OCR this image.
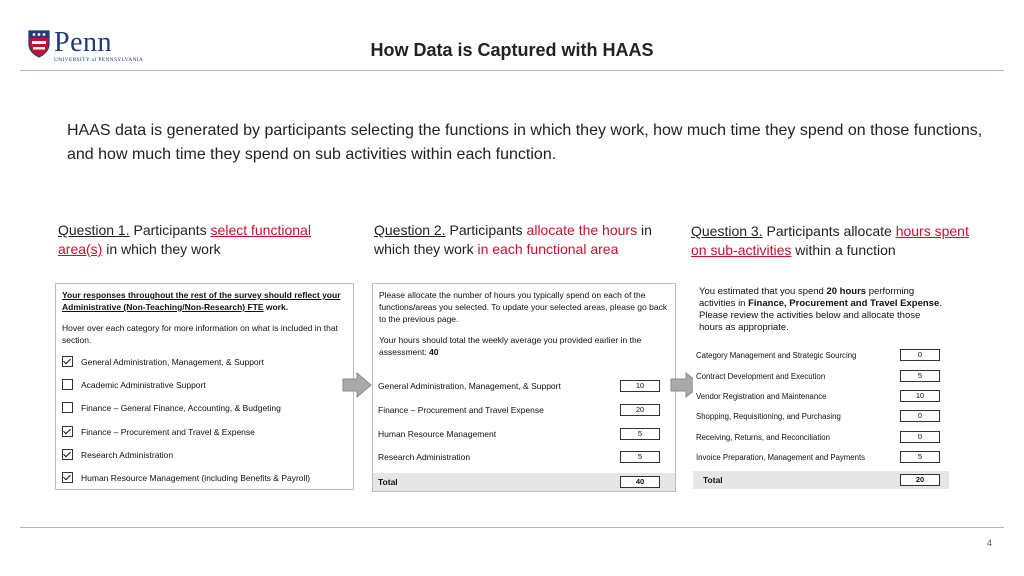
Penn
UNIVERSITY of PENNSYLVANIA	How Data is Captured with HAAS
HAAS data is generated by participants selecting the functions in which they work, how much time they spend on those functions, and how much time they spend on sub activities within each function.
Question 1. Participants select functional area(s) in which they work
Question 2. Participants allocate the hours in which they work in each functional area
Question 3. Participants allocate hours spent on sub-activities within a function
Your responses throughout the rest of the survey should reflect your Administrative (Non-Teaching/Non-Research) FTE work.
Hover over each category for more information on what is included in that section.
General Administration, Management, & Support
Academic Administrative Support
Finance – General Finance, Accounting, & Budgeting
Finance – Procurement and Travel & Expense
Research Administration
Human Resource Management (including Benefits & Payroll)
Please allocate the number of hours you typically spend on each of the functions/areas you selected. To update your selected areas, please go back to the previous page.
Your hours should total the weekly average you provided earlier in the assessment: 40
General Administration, Management, & Support	10
Finance – Procurement and Travel Expense	20
Human Resource Management	5
Research Administration	5
Total	40
You estimated that you spend 20 hours performing activities in Finance, Procurement and Travel Expense. Please review the activities below and allocate those hours as appropriate.
Category Management and Strategic Sourcing	0
Contract Development and Execution	5
Vendor Registration and Maintenance	10
Shopping, Requisitioning, and Purchasing	0
Receiving, Returns, and Reconciliation	0
Invoice Preparation, Management and Payments	5
Total	20
4
